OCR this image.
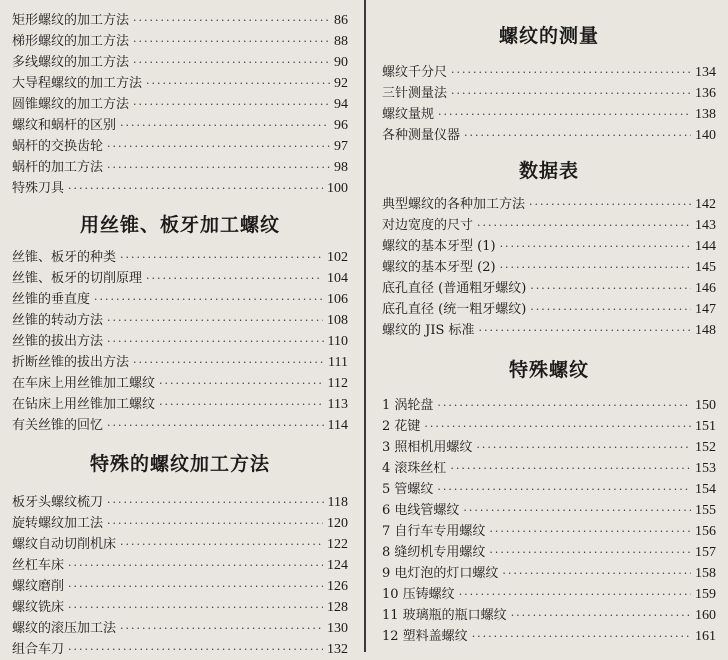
矩形螺纹的加工方法 ·····	86
梯形螺纹的加工方法 ·····	88
多线螺纹的加工方法 ·····	90
大导程螺纹的加工方法 ·····	92
圆锥螺纹的加工方法 ·····	94
螺纹和蜗杆的区别 ·····	96
蜗杆的交换齿轮 ·····	97
蜗杆的加工方法 ·····	98
特殊刀具 ·····	100
用丝锥、板牙加工螺纹
丝锥、板牙的种类 ·····	102
丝锥、板牙的切削原理 ·····	104
丝锥的垂直度 ·····	106
丝锥的转动方法 ·····	108
丝锥的拔出方法 ·····	110
折断丝锥的拔出方法 ·····	111
在车床上用丝锥加工螺纹 ·····	112
在钻床上用丝锥加工螺纹 ·····	113
有关丝锥的回忆 ·····	114
特殊的螺纹加工方法
板牙头螺纹梳刀 ·····	118
旋转螺纹加工法 ·····	120
螺纹自动切削机床 ·····	122
丝杠车床 ·····	124
螺纹磨削 ·····	126
螺纹铣床 ·····	128
螺纹的滚压加工法 ·····	130
组合车刀 ·····	132
螺纹的测量
螺纹千分尺 ·····	134
三针测量法 ·····	136
螺纹量规 ·····	138
各种测量仪器 ·····	140
数据表
典型螺纹的各种加工方法 ·····	142
对边宽度的尺寸 ·····	143
螺纹的基本牙型 (1) ·····	144
螺纹的基本牙型 (2) ·····	145
底孔直径 (普通粗牙螺纹) ·····	146
底孔直径 (统一粗牙螺纹) ·····	147
螺纹的 JIS 标准 ·····	148
特殊螺纹
1 涡轮盘 ·····	150
2 花键 ·····	151
3 照相机用螺纹 ·····	152
4 滚珠丝杠 ·····	153
5 管螺纹 ·····	154
6 电线管螺纹 ·····	155
7 自行车专用螺纹 ·····	156
8 缝纫机专用螺纹 ·····	157
9 电灯泡的灯口螺纹 ·····	158
10 压铸螺纹 ·····	159
11 玻璃瓶的瓶口螺纹 ·····	160
12 塑料盖螺纹 ·····	161
